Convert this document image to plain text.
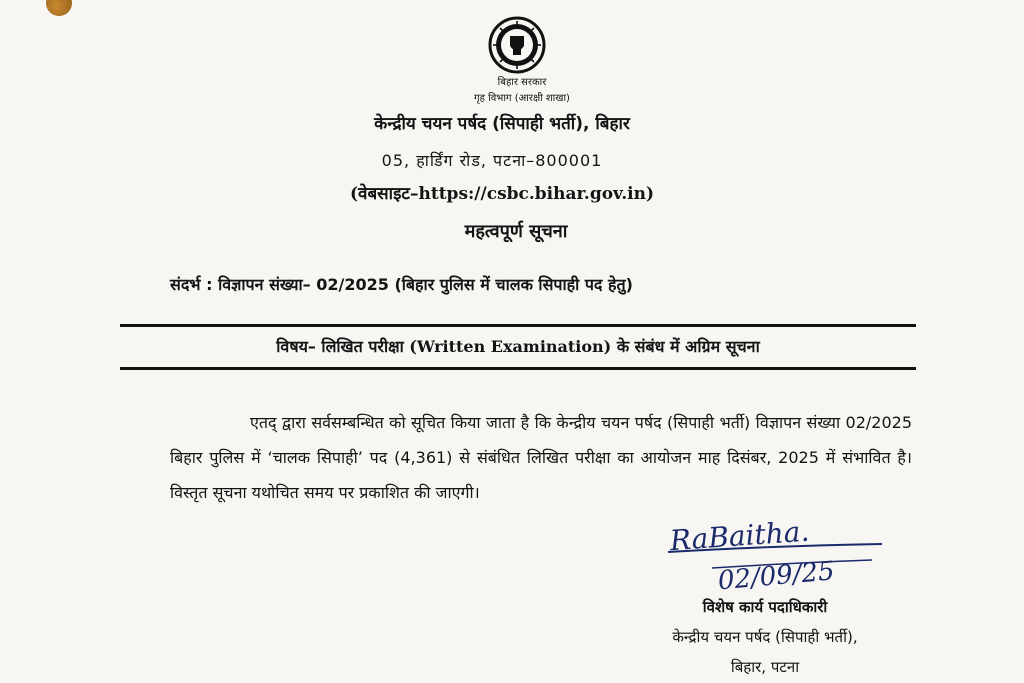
बिहार सरकार
गृह विभाग (आरक्षी शाखा)
केन्द्रीय चयन पर्षद (सिपाही भर्ती), बिहार
05, हार्डिंग रोड, पटना–800001
(वेबसाइट–https://csbc.bihar.gov.in)
महत्वपूर्ण सूचना
संदर्भ : विज्ञापन संख्या– 02/2025 (बिहार पुलिस में चालक सिपाही पद हेतु)
विषय– लिखित परीक्षा (Written Examination) के संबंध में अग्रिम सूचना
एतद् द्वारा सर्वसम्बन्धित को सूचित किया जाता है कि केन्द्रीय चयन पर्षद (सिपाही भर्ती) विज्ञापन संख्या 02/2025 बिहार पुलिस में ‘चालक सिपाही’ पद (4,361) से संबंधित लिखित परीक्षा का आयोजन माह दिसंबर, 2025 में संभावित है। विस्तृत सूचना यथोचित समय पर प्रकाशित की जाएगी।
RaBaitha.
02/09/25
विशेष कार्य पदाधिकारी
केन्द्रीय चयन पर्षद (सिपाही भर्ती),
बिहार, पटना
